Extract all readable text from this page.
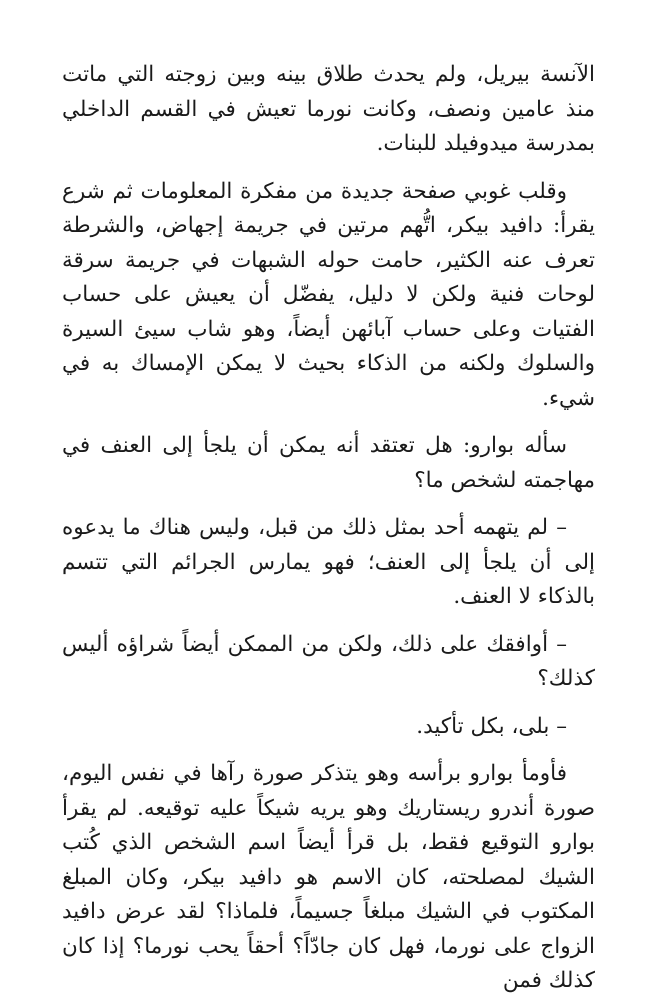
الآنسة بيريل، ولم يحدث طلاق بينه وبين زوجته التي ماتت منذ عامين ونصف، وكانت نورما تعيش في القسم الداخلي بمدرسة ميدوفيلد للبنات.

وقلب غوبي صفحة جديدة من مفكرة المعلومات ثم شرع يقرأ: دافيد بيكر، اتُّهم مرتين في جريمة إجهاض، والشرطة تعرف عنه الكثير، حامت حوله الشبهات في جريمة سرقة لوحات فنية ولكن لا دليل، يفضّل أن يعيش على حساب الفتيات وعلى حساب آبائهن أيضاً، وهو شاب سيئ السيرة والسلوك ولكنه من الذكاء بحيث لا يمكن الإمساك به في شيء.

سأله بوارو: هل تعتقد أنه يمكن أن يلجأ إلى العنف في مهاجمته لشخص ما؟

– لم يتهمه أحد بمثل ذلك من قبل، وليس هناك ما يدعوه إلى أن يلجأ إلى العنف؛ فهو يمارس الجرائم التي تتسم بالذكاء لا العنف.

– أوافقك على ذلك، ولكن من الممكن أيضاً شراؤه أليس كذلك؟

– بلى، بكل تأكيد.

فأومأ بوارو برأسه وهو يتذكر صورة رآها في نفس اليوم، صورة أندرو ريستاريك وهو يريه شيكاً عليه توقيعه. لم يقرأ بوارو التوقيع فقط، بل قرأ أيضاً اسم الشخص الذي كُتب الشيك لمصلحته، كان الاسم هو دافيد بيكر، وكان المبلغ المكتوب في الشيك مبلغاً جسيماً، فلماذا؟ لقد عرض دافيد الزواج على نورما، فهل كان جادّاً؟ أحقاً يحب نورما؟ إذا كان كذلك فمن
